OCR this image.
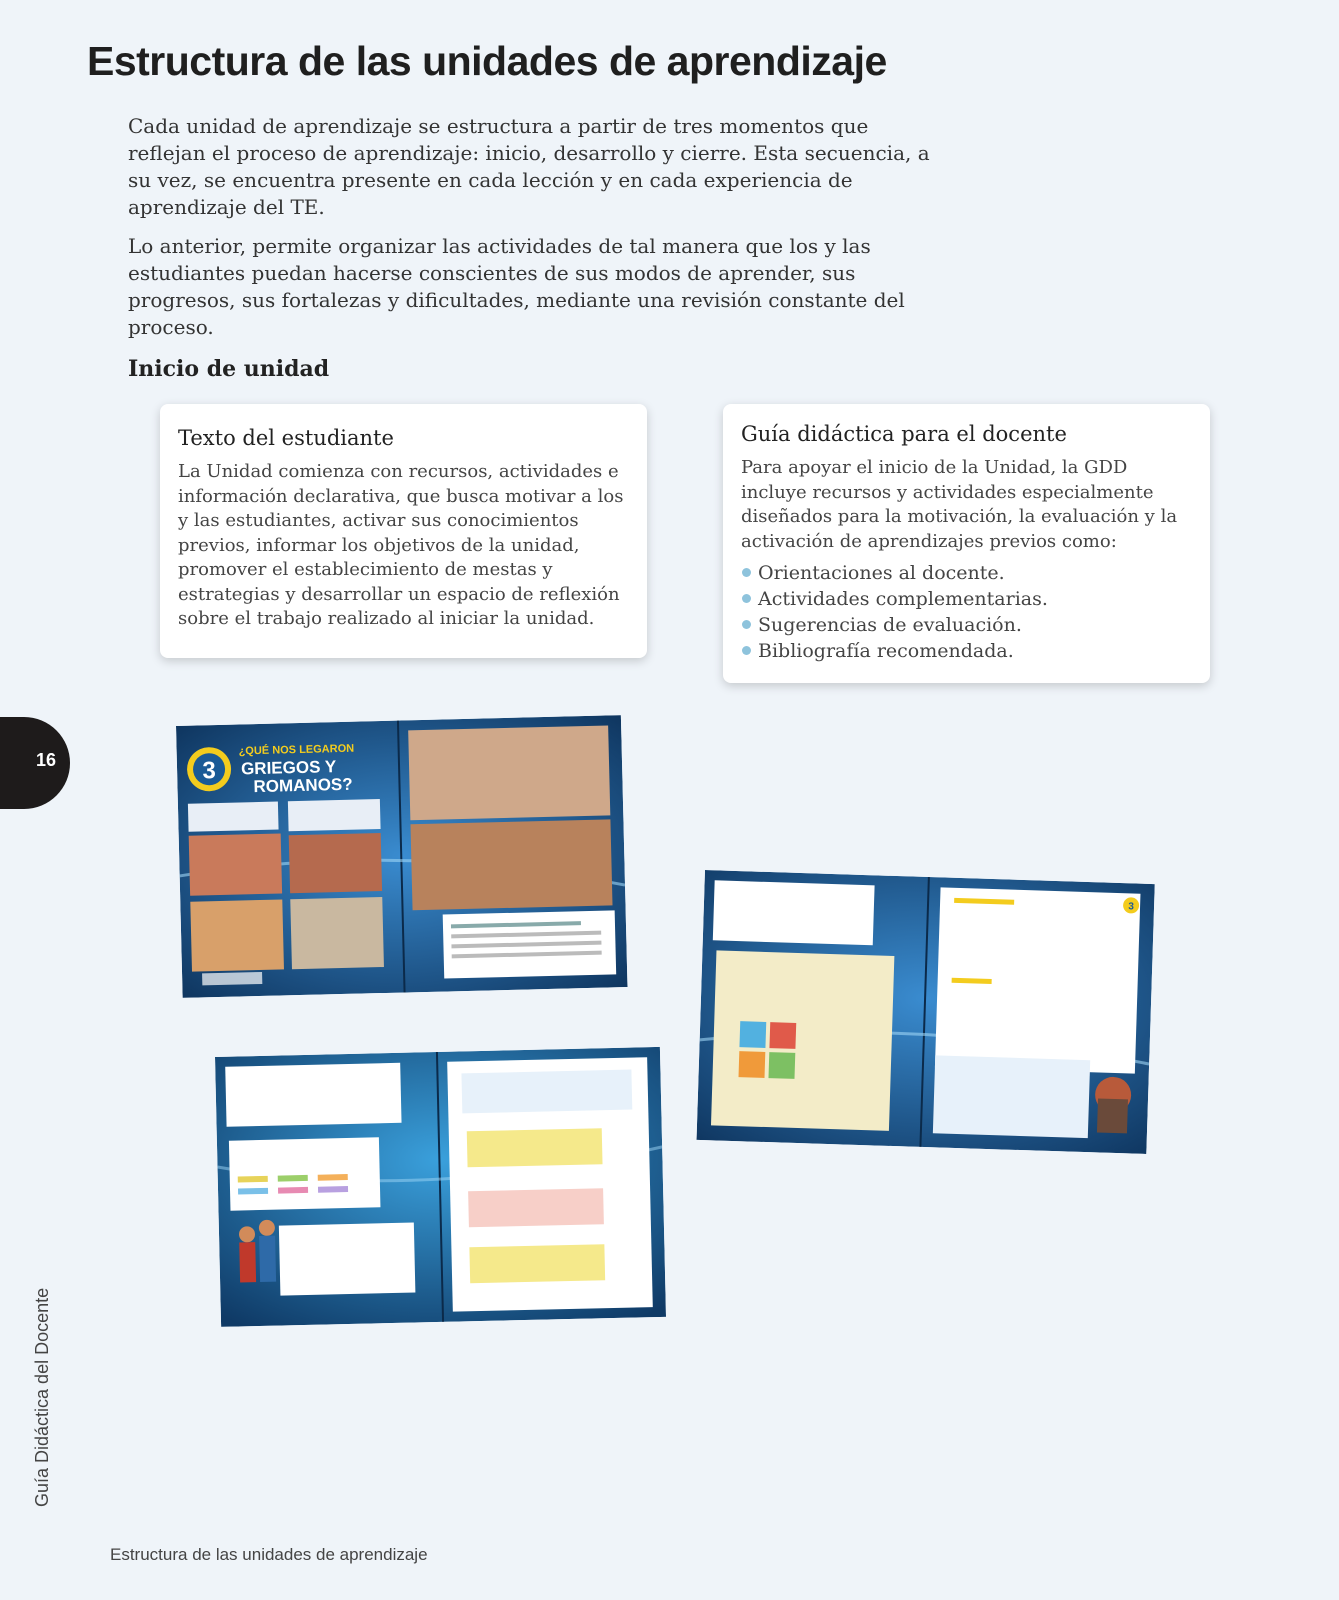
Estructura de las unidades de aprendizaje

Cada unidad de aprendizaje se estructura a partir de tres momentos que reflejan el proceso de aprendizaje: inicio, desarrollo y cierre. Esta secuencia, a su vez, se encuentra presente en cada lección y en cada experiencia de aprendizaje del TE.

Lo anterior, permite organizar las actividades de tal manera que los y las estudiantes puedan hacerse conscientes de sus modos de aprender, sus progresos, sus fortalezas y dificultades, mediante una revisión constante del proceso.

Inicio de unidad
Texto del estudiante

La Unidad comienza con recursos, actividades e información declarativa, que busca motivar a los y las estudiantes, activar sus conocimientos previos, informar los objetivos de la unidad, promover el establecimiento de mestas y estrategias y desarrollar un espacio de reflexión sobre el trabajo realizado al iniciar la unidad.

Guía didáctica para el docente

Para apoyar el inicio de la Unidad, la GDD incluye recursos y actividades especialmente diseñados para la motivación, la evaluación y la activación de aprendizajes previos como:

Orientaciones al docente.
Actividades complementarias.
Sugerencias de evaluación.
Bibliografía recomendada.
3
¿QUÉ NOS LEGARON
GRIEGOS Y
ROMANOS?
3
16
Guía Didáctica del Docente
Estructura de las unidades de aprendizaje
